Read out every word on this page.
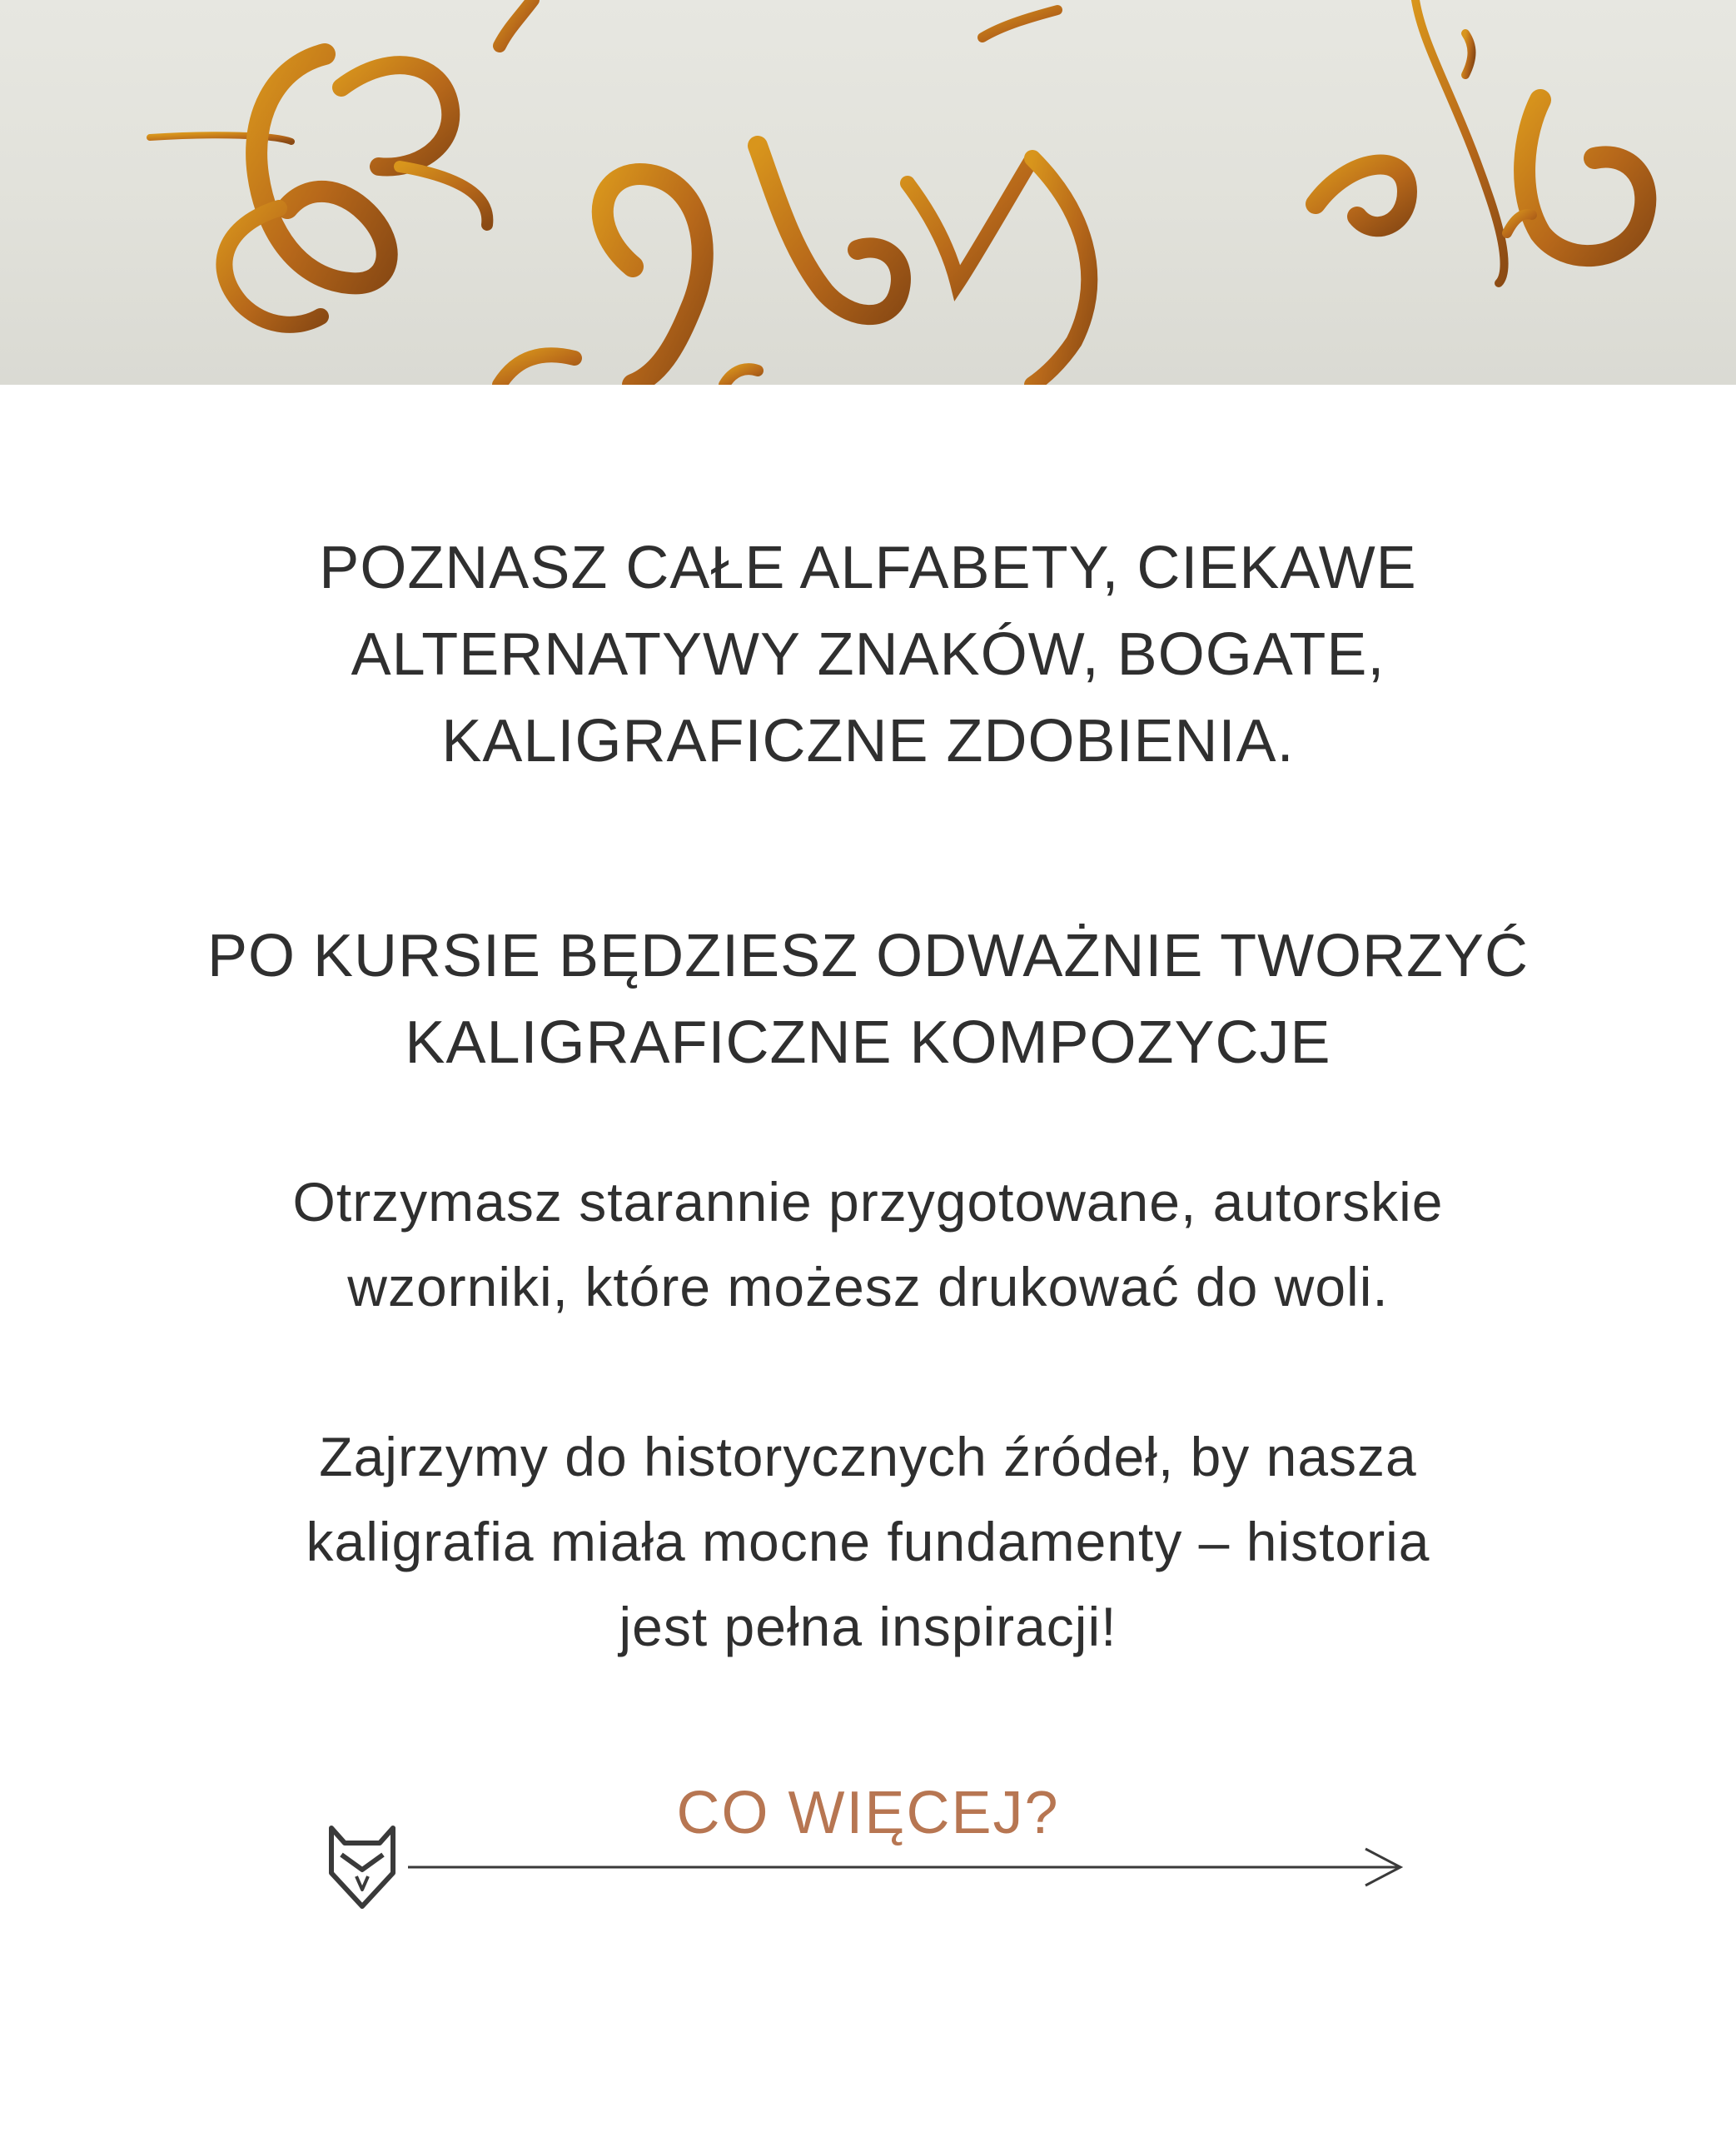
POZNASZ CAŁE ALFABETY, CIEKAWE
ALTERNATYWY ZNAKÓW, BOGATE,
KALIGRAFICZNE ZDOBIENIA.
PO KURSIE BĘDZIESZ ODWAŻNIE TWORZYĆ
KALIGRAFICZNE KOMPOZYCJE
Otrzymasz starannie przygotowane, autorskie
wzorniki, które możesz drukować do woli.
Zajrzymy do historycznych źródeł, by nasza
kaligrafia miała mocne fundamenty – historia
jest pełna inspiracji!
CO WIĘCEJ?
